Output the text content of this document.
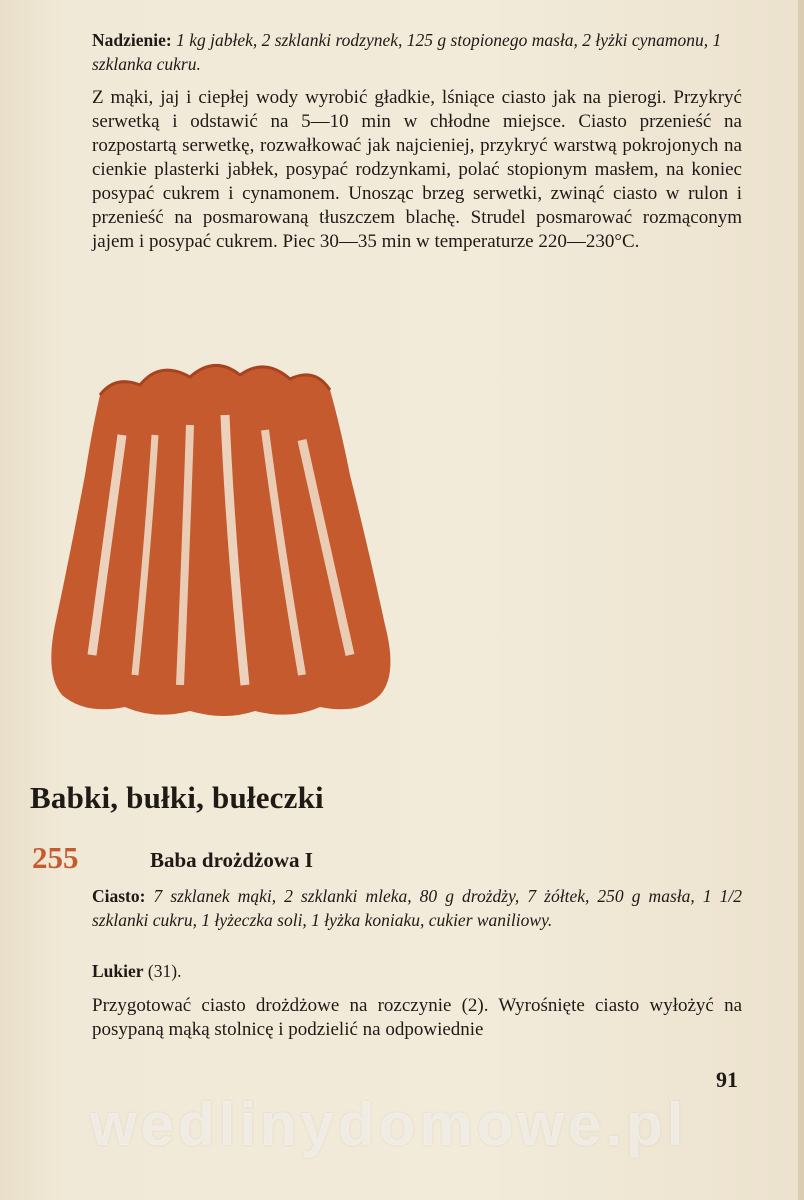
Nadzienie: 1 kg jabłek, 2 szklanki rodzynek, 125 g stopionego masła, 2 łyżki cynamonu, 1 szklanka cukru.

Z mąki, jaj i ciepłej wody wyrobić gładkie, lśniące ciasto jak na pierogi. Przykryć serwetką i odstawić na 5—10 min w chłodne miejsce. Ciasto przenieść na rozpostartą serwetkę, rozwałkować jak najcieniej, przykryć warstwą pokrojonych na cienkie plasterki jabłek, posypać rodzynkami, polać stopionym masłem, na koniec posypać cukrem i cynamonem. Unosząc brzeg serwetki, zwinąć ciasto w rulon i przenieść na posmarowaną tłuszczem blachę. Strudel posmarować rozmąconym jajem i posypać cukrem. Piec 30—35 min w temperaturze 220—230°C.

Babki, bułki, bułeczki
255	Baba drożdżowa I

Ciasto: 7 szklanek mąki, 2 szklanki mleka, 80 g drożdży, 7 żółtek, 250 g masła, 1 1/2 szklanki cukru, 1 łyżeczka soli, 1 łyżka koniaku, cukier waniliowy.

Lukier (31).

Przygotować ciasto drożdżowe na rozczynie (2). Wyrośnięte ciasto wyłożyć na posypaną mąką stolnicę i podzielić na odpowiednie

91
wedlinydomowe.pl
